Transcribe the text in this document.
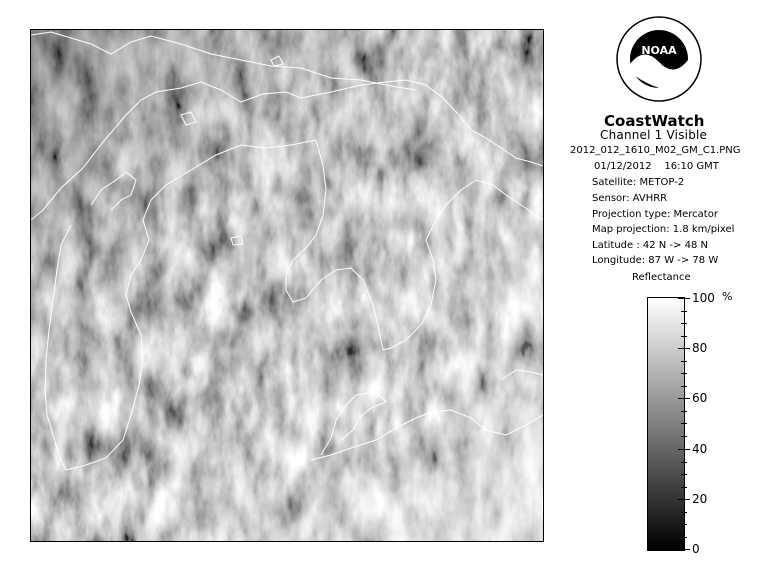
NOAA
CoastWatch
Channel 1 Visible
2012_012_1610_M02_GM_C1.PNG
01/12/2012 16:10 GMT
Satellite: METOP-2
Sensor: AVHRR
Projection type: Mercator
Map projection: 1.8 km/pixel
Latitude : 42 N -> 48 N
Longitude: 87 W -> 78 W
Reflectance
%
100
80
60
40
20
0
